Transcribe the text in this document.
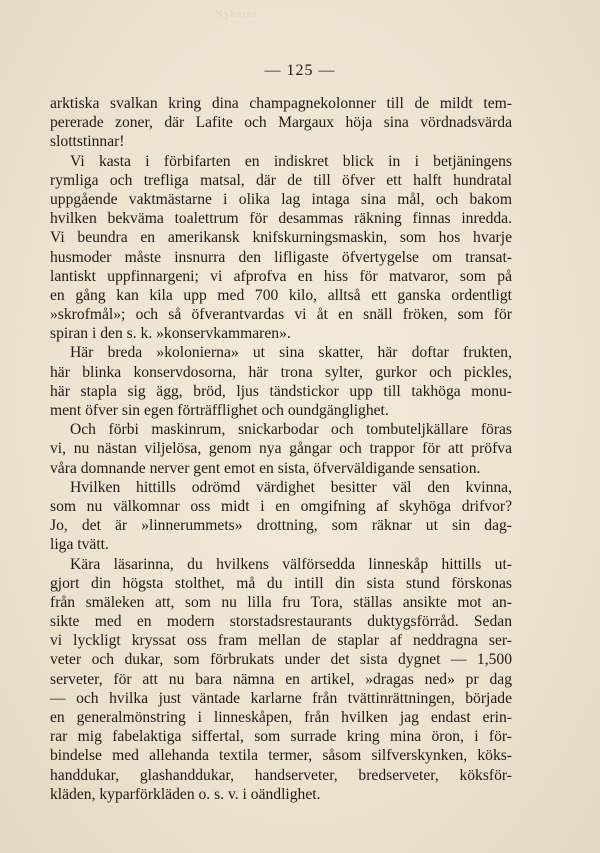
Nyheter
— 125 —
arktiska svalkan kring dina champagnekolonner till de mildt tem-
pererade zoner, där Lafite och Margaux höja sina vördnadsvärda
slottstinnar!
Vi kasta i förbifarten en indiskret blick in i betjäningens
rymliga och trefliga matsal, där de till öfver ett halft hundratal
uppgående vaktmästarne i olika lag intaga sina mål, och bakom
hvilken bekväma toalettrum för desammas räkning finnas inredda.
Vi beundra en amerikansk knifskurningsmaskin, som hos hvarje
husmoder måste insnurra den lifligaste öfvertygelse om transat-
lantiskt uppfinnargeni; vi afprofva en hiss för matvaror, som på
en gång kan kila upp med 700 kilo, alltså ett ganska ordentligt
»skrofmål»; och så öfverantvardas vi åt en snäll fröken, som för
spiran i den s. k. »konservkammaren».
Här breda »kolonierna» ut sina skatter, här doftar frukten,
här blinka konservdosorna, här trona sylter, gurkor och pickles,
här stapla sig ägg, bröd, ljus tändstickor upp till takhöga monu-
ment öfver sin egen förträfflighet och oundgänglighet.
Och förbi maskinrum, snickarbodar och tombuteljkällare föras
vi, nu nästan viljelösa, genom nya gångar och trappor för att pröfva
våra domnande nerver gent emot en sista, öfverväldigande sensation.
Hvilken hittills odrömd värdighet besitter väl den kvinna,
som nu välkomnar oss midt i en omgifning af skyhöga drifvor?
Jo, det är »linnerummets» drottning, som räknar ut sin dag-
liga tvätt.
Kära läsarinna, du hvilkens välförsedda linneskåp hittills ut-
gjort din högsta stolthet, må du intill din sista stund förskonas
från smäleken att, som nu lilla fru Tora, ställas ansikte mot an-
sikte med en modern storstadsrestaurants duktygsförråd. Sedan
vi lyckligt kryssat oss fram mellan de staplar af neddragna ser-
veter och dukar, som förbrukats under det sista dygnet — 1,500
serveter, för att nu bara nämna en artikel, »dragas ned» pr dag
— och hvilka just väntade karlarne från tvättinrättningen, började
en generalmönstring i linneskåpen, från hvilken jag endast erin-
rar mig fabelaktiga siffertal, som surrade kring mina öron, i för-
bindelse med allehanda textila termer, såsom silfverskynken, köks-
handdukar, glashanddukar, handserveter, bredserveter, köksför-
kläden, kyparförkläden o. s. v. i oändlighet.
